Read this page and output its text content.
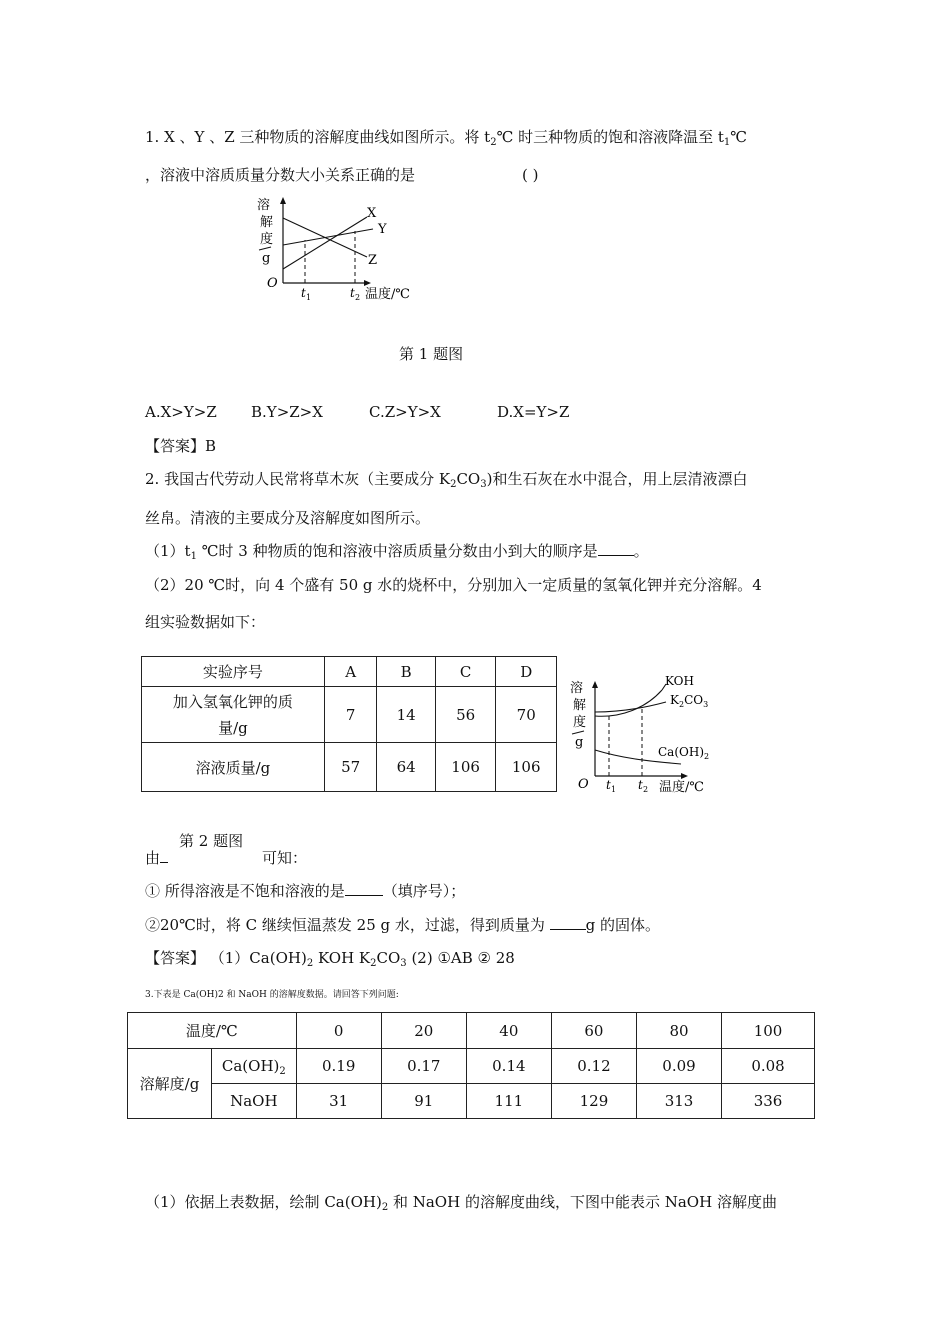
1. X 、Y 、Z 三种物质的溶解度曲线如图所示。将 $t_2℃$ 时三种物质的饱和溶液降温至 $t_1℃$
，溶液中溶质质量分数大小关系正确的是	( )
溶
解
度
g
O
t 1	t 2 温度/℃
X
Y
Z
第 1 题图
A.X>Y>Z B.Y>Z>X	C.Z>Y>X	D.X=Y>Z
【答案】B
2. 我国古代劳动人民常将草木灰（主要成分 $K_2CO_3$)和生石灰在水中混合，用上层清液漂白
丝帛。清液的主要成分及溶解度如图所示。
$(1)t_1$ ℃时 3 种物质的饱和溶液中溶质质量分数由小到大的顺序是 。
（2）20 ℃时，向 4 个盛有 50 g 水的烧杯中，分别加入一定质量的氢氧化钾并充分溶解。4
组实验数据如下：
实验序号	A	B	C	D

加入氢氧化钾的质
量/g	7	14	56	70
溶液质量/g	57	64	106	106
溶
解
度
g
O t 1 t 2 温度/℃
KOH
$K_2CO_3$
$Ca(OH)_2$
第 2 题图
由	可知：
① 所得溶液是不饱和溶液的是	（填序号）；
②20℃时，将 C 继续恒温蒸发 25 g 水，过滤，得到质量为 g 的固体。
【答案】 $(1)Ca(OH)_2$ KOH $K_2CO_3$ (2) ①AB ② 28
3.下表是 Ca(OH)2 和 NaOH 的溶解度数据。请回答下列问题:
温度/℃		0	20	40	60	80	100
溶解度/g	$Ca(OH)_2$	0.19	0.17	0.14	0.12	0.09	0.08
	NaOH	31	91	111	129	313	336
（1）依据上表数据，绘制 $Ca(OH)_2$ 和 NaOH 的溶解度曲线，下图中能表示 NaOH 溶解度曲
